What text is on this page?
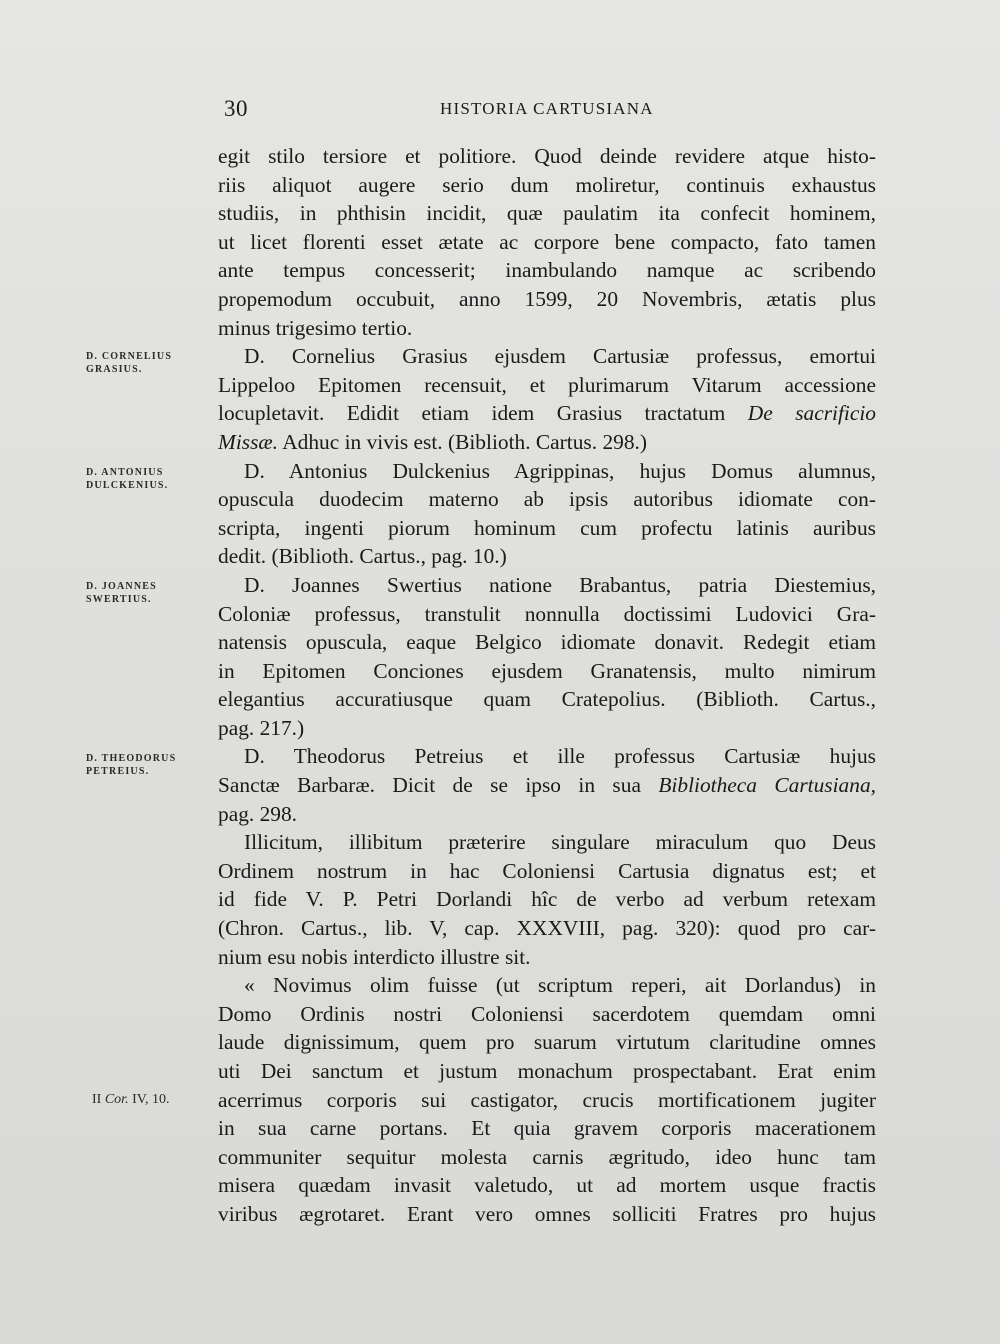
30	HISTORIA CARTUSIANA
D. CORNELIUS
GRASIUS.
D. ANTONIUS
DULCKENIUS.
D. JOANNES
SWERTIUS.
D. THEODORUS
PETREIUS.
II Cor. IV, 10.

egit stilo tersiore et politiore. Quod deinde revidere atque histo-
riis aliquot augere serio dum moliretur, continuis exhaustus
studiis, in phthisin incidit, quæ paulatim ita confecit hominem,
ut licet florenti esset ætate ac corpore bene compacto, fato tamen
ante tempus concesserit; inambulando namque ac scribendo
propemodum occubuit, anno 1599, 20 Novembris, ætatis plus
minus trigesimo tertio.

D. Cornelius Grasius ejusdem Cartusiæ professus, emortui
Lippeloo Epitomen recensuit, et plurimarum Vitarum accessione
locupletavit. Edidit etiam idem Grasius tractatum De sacrificio
Missæ. Adhuc in vivis est. (Biblioth. Cartus. 298.)

D. Antonius Dulckenius Agrippinas, hujus Domus alumnus,
opuscula duodecim materno ab ipsis autoribus idiomate con-
scripta, ingenti piorum hominum cum profectu latinis auribus
dedit. (Biblioth. Cartus., pag. 10.)

D. Joannes Swertius natione Brabantus, patria Diestemius,
Coloniæ professus, transtulit nonnulla doctissimi Ludovici Gra-
natensis opuscula, eaque Belgico idiomate donavit. Redegit etiam
in Epitomen Conciones ejusdem Granatensis, multo nimirum
elegantius accuratiusque quam Cratepolius. (Biblioth. Cartus.,
pag. 217.)

D. Theodorus Petreius et ille professus Cartusiæ hujus
Sanctæ Barbaræ. Dicit de se ipso in sua Bibliotheca Cartusiana,
pag. 298.

Illicitum, illibitum præterire singulare miraculum quo Deus
Ordinem nostrum in hac Coloniensi Cartusia dignatus est; et
id fide V. P. Petri Dorlandi hîc de verbo ad verbum retexam
(Chron. Cartus., lib. V, cap. XXXVIII, pag. 320): quod pro car-
nium esu nobis interdicto illustre sit.

« Novimus olim fuisse (ut scriptum reperi, ait Dorlandus) in
Domo Ordinis nostri Coloniensi sacerdotem quemdam omni
laude dignissimum, quem pro suarum virtutum claritudine omnes
uti Dei sanctum et justum monachum prospectabant. Erat enim
acerrimus corporis sui castigator, crucis mortificationem jugiter
in sua carne portans. Et quia gravem corporis macerationem
communiter sequitur molesta carnis ægritudo, ideo hunc tam
misera quædam invasit valetudo, ut ad mortem usque fractis
viribus ægrotaret. Erant vero omnes solliciti Fratres pro hujus
